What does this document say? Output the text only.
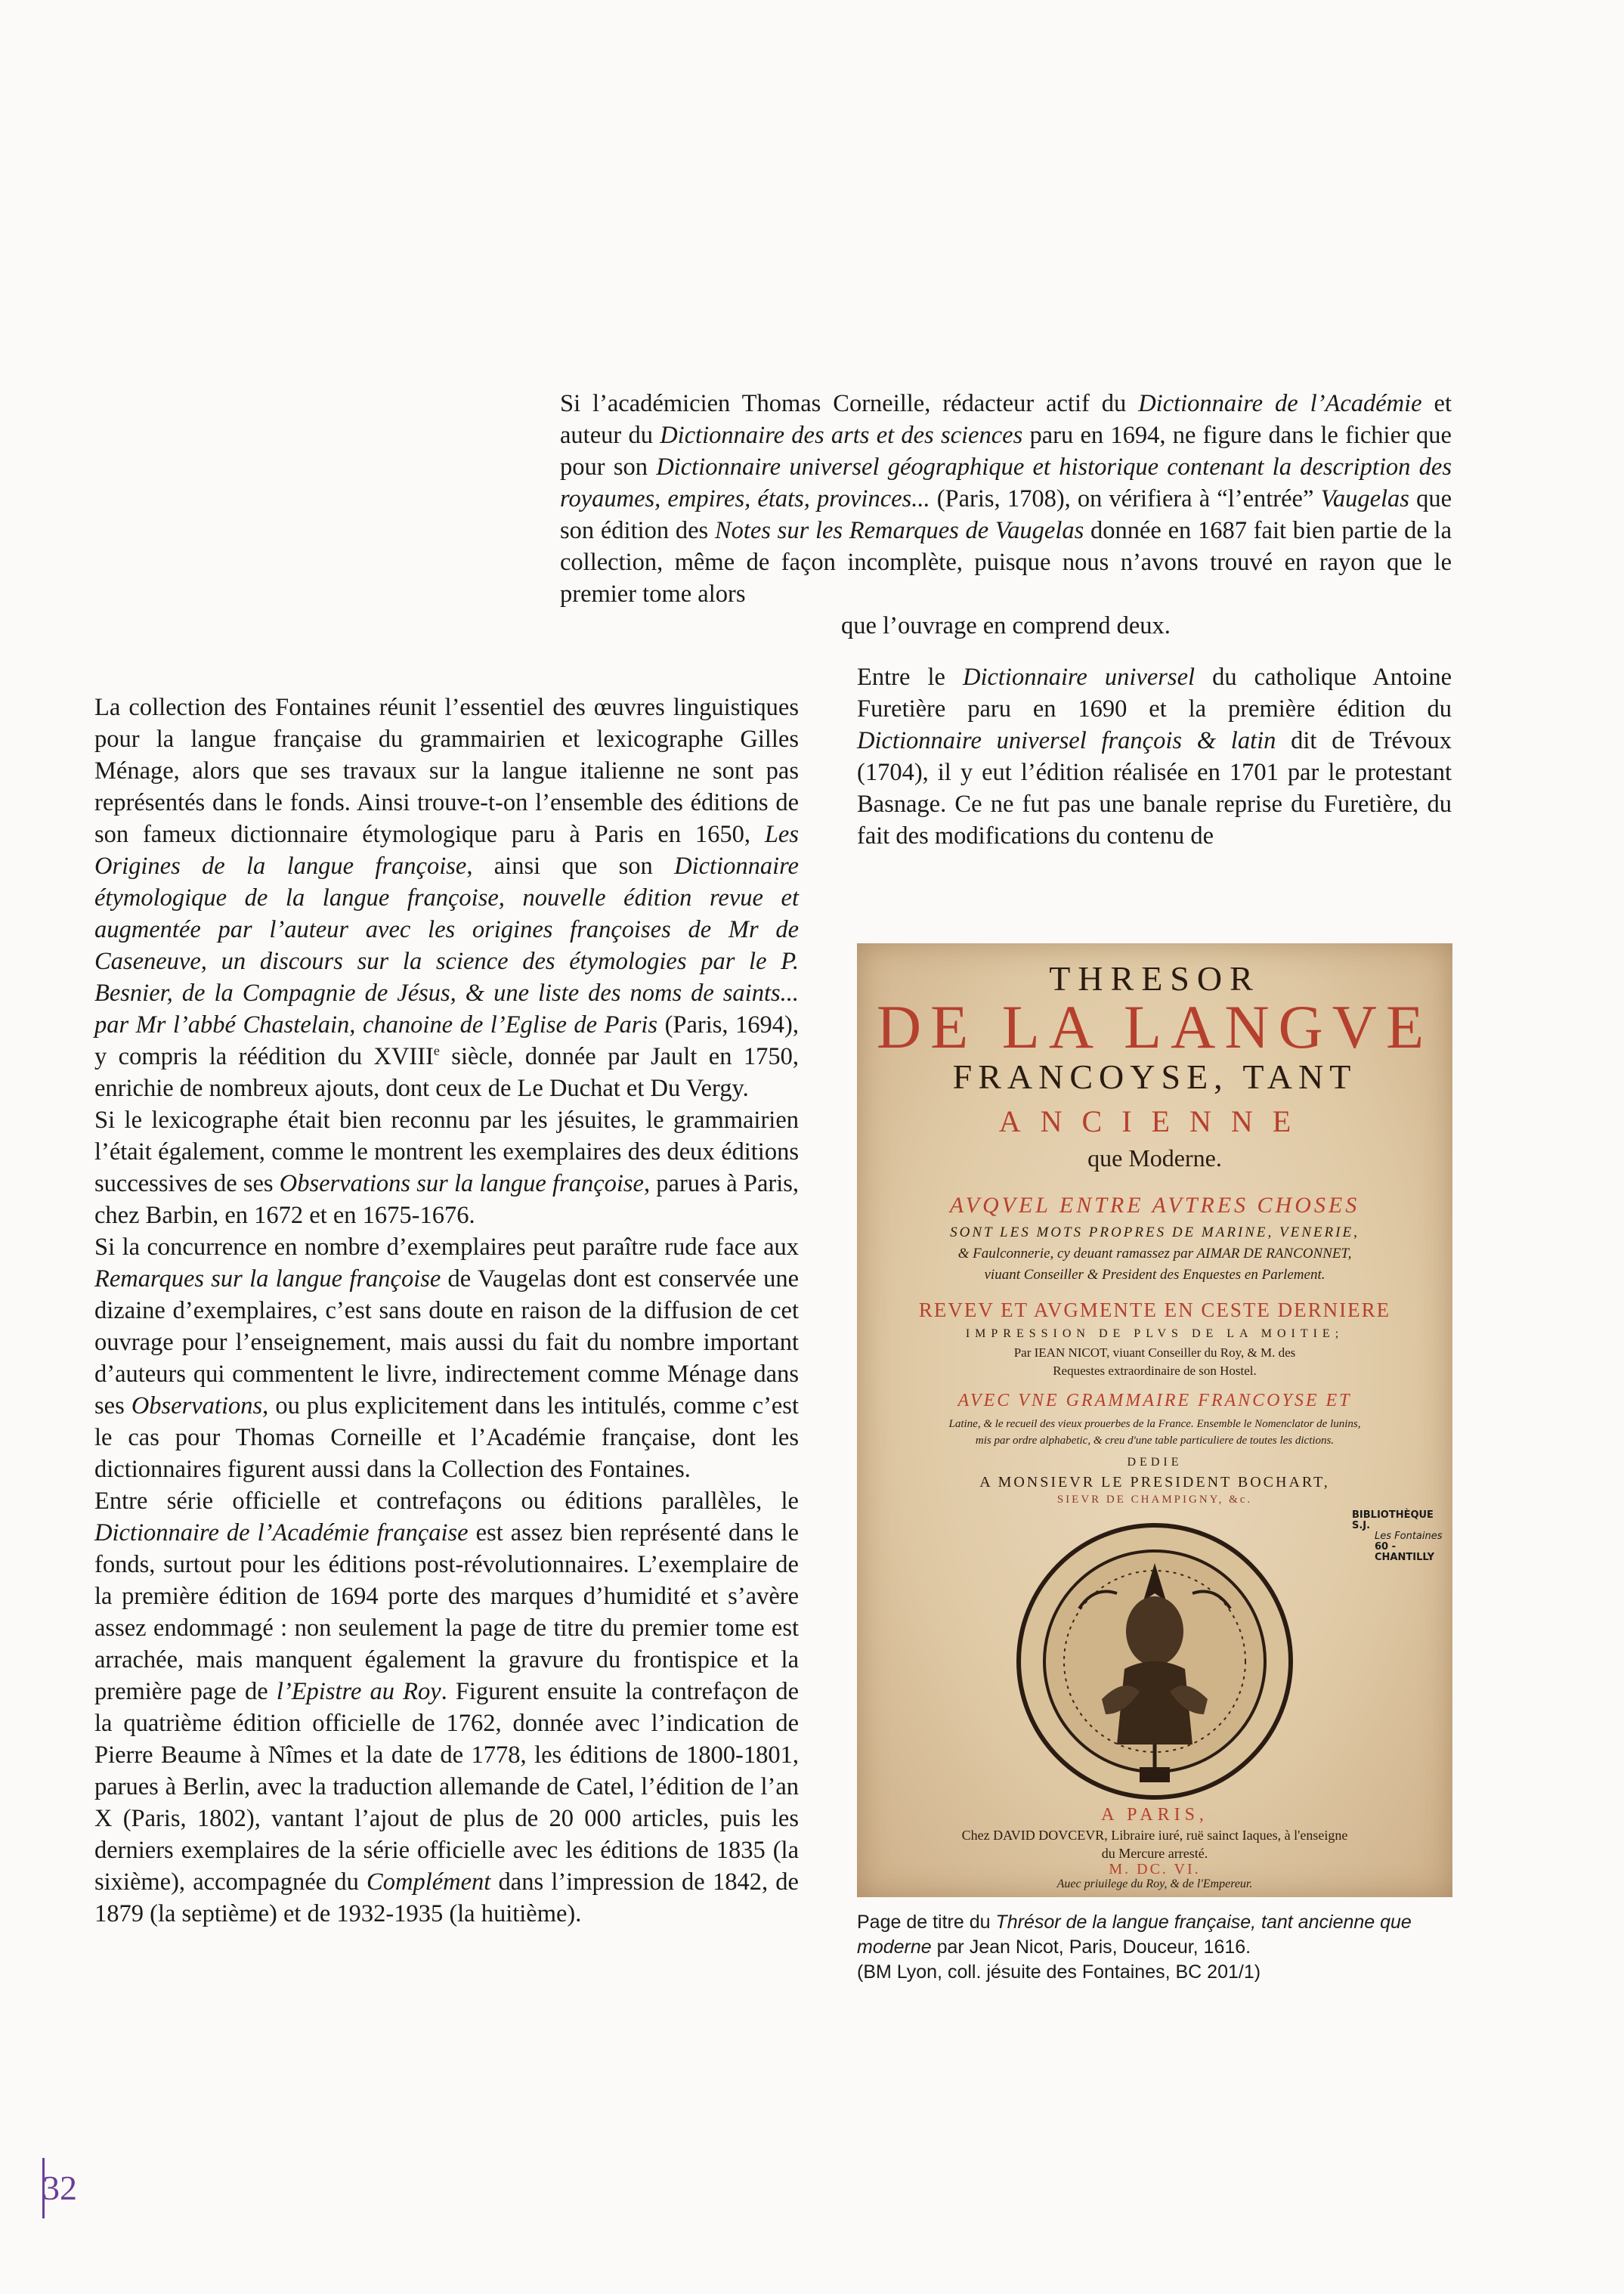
Si l’académicien Thomas Corneille, rédacteur actif du Dictionnaire de l’Académie et auteur du Dictionnaire des arts et des sciences paru en 1694, ne figure dans le fichier que pour son Dictionnaire universel géographique et historique contenant la description des royaumes, empires, états, provinces... (Paris, 1708), on vérifiera à “l’entrée” Vaugelas que son édition des Notes sur les Remarques de Vaugelas donnée en 1687 fait bien partie de la collection, même de façon incomplète, puisque nous n’avons trouvé en rayon que le premier tome alors
que l’ouvrage en comprend deux.

La collection des Fontaines réunit l’essentiel des œuvres linguistiques pour la langue française du grammairien et lexicographe Gilles Ménage, alors que ses travaux sur la langue italienne ne sont pas représentés dans le fonds. Ainsi trouve-t-on l’ensemble des éditions de son fameux dictionnaire étymologique paru à Paris en 1650, Les Origines de la langue françoise, ainsi que son Dictionnaire étymologique de la langue françoise, nouvelle édition revue et augmentée par l’auteur avec les origines françoises de Mr de Caseneuve, un discours sur la science des étymologies par le P. Besnier, de la Compagnie de Jésus, & une liste des noms de saints... par Mr l’abbé Chastelain, chanoine de l’Eglise de Paris (Paris, 1694), y compris la réédition du XVIIIe siècle, donnée par Jault en 1750, enrichie de nombreux ajouts, dont ceux de Le Duchat et Du Vergy.

Si le lexicographe était bien reconnu par les jésuites, le grammairien l’était également, comme le montrent les exemplaires des deux éditions successives de ses Observations sur la langue françoise, parues à Paris, chez Barbin, en 1672 et en 1675-1676.

Si la concurrence en nombre d’exemplaires peut paraître rude face aux Remarques sur la langue françoise de Vaugelas dont est conservée une dizaine d’exemplaires, c’est sans doute en raison de la diffusion de cet ouvrage pour l’enseignement, mais aussi du fait du nombre important d’auteurs qui commentent le livre, indirectement comme Ménage dans ses Observations, ou plus explicitement dans les intitulés, comme c’est le cas pour Thomas Corneille et l’Académie française, dont les dictionnaires figurent aussi dans la Collection des Fontaines.

Entre série officielle et contrefaçons ou éditions parallèles, le Dictionnaire de l’Académie française est assez bien représenté dans le fonds, surtout pour les éditions post-révolutionnaires. L’exemplaire de la première édition de 1694 porte des marques d’humidité et s’avère assez endommagé : non seulement la page de titre du premier tome est arrachée, mais manquent également la gravure du frontispice et la première page de l’Epistre au Roy. Figurent ensuite la contrefaçon de la quatrième édition officielle de 1762, donnée avec l’indication de Pierre Beaume à Nîmes et la date de 1778, les éditions de 1800-1801, parues à Berlin, avec la traduction allemande de Catel, l’édition de l’an X (Paris, 1802), vantant l’ajout de plus de 20 000 articles, puis les derniers exemplaires de la série officielle avec les éditions de 1835 (la sixième), accompagnée du Complément dans l’impression de 1842, de 1879 (la septième) et de 1932-1935 (la huitième).

Entre le Dictionnaire universel du catholique Antoine Furetière paru en 1690 et la première édition du Dictionnaire universel françois & latin dit de Trévoux (1704), il y eut l’édition réalisée en 1701 par le protestant Basnage. Ce ne fut pas une banale reprise du Furetière, du fait des modifications du contenu de

THRESOR
DE LA LANGVE
FRANCOYSE, TANT
ANCIENNE
que Moderne.
AVQVEL ENTRE AVTRES CHOSES
SONT LES MOTS PROPRES DE MARINE, VENERIE,
& Faulconnerie, cy deuant ramassez par AIMAR DE RANCONNET,
viuant Conseiller & President des Enquestes en Parlement.
REVEV ET AVGMENTE EN CESTE DERNIERE
IMPRESSION DE PLVS DE LA MOITIE;
Par IEAN NICOT, viuant Conseiller du Roy, & M. des
Requestes extraordinaire de son Hostel.
AVEC VNE GRAMMAIRE FRANCOYSE ET
Latine, & le recueil des vieux prouerbes de la France. Ensemble le Nomenclator de lunins,
mis par ordre alphabetic, & creu d'une table particuliere de toutes les dictions.
DEDIE
A MONSIEVR LE PRESIDENT BOCHART,
SIEVR DE CHAMPIGNY, &c.
BIBLIOTHÈQUE S.J.
Les Fontaines
60 - CHANTILLY
A PARIS,
Chez DAVID DOVCEVR, Libraire iuré, ruë sainct Iaques, à l'enseigne
du Mercure arresté.
M. DC. VI.
Auec priuilege du Roy, & de l'Empereur.

Page de titre du Thrésor de la langue française, tant ancienne que moderne par Jean Nicot, Paris, Douceur, 1616.

(BM Lyon, coll. jésuite des Fontaines, BC 201/1)

32
